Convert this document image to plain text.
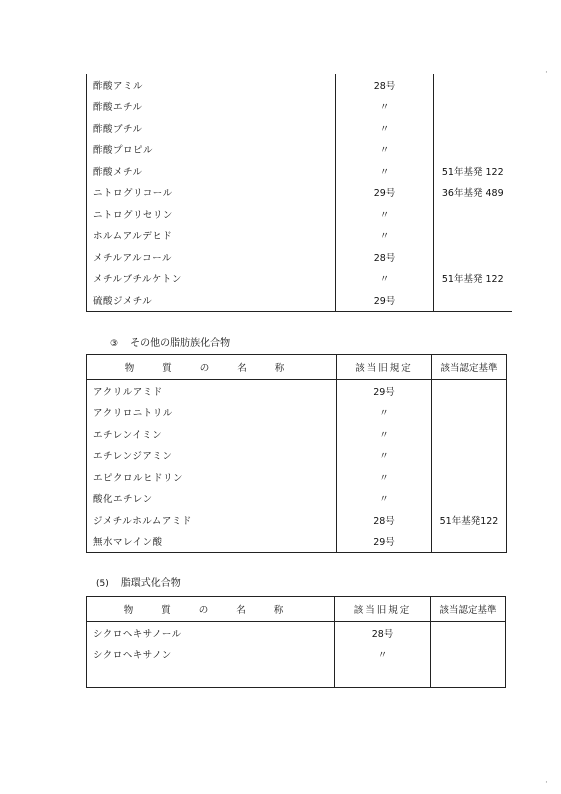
酢酸アミル	28号	
酢酸エチル	〃	
酢酸ブチル	〃	
酢酸プロピル	〃	
酢酸メチル	〃	51年基発 122
ニトログリコール	29号	36年基発 489
ニトログリセリン	〃	
ホルムアルデヒド	〃	
メチルアルコール	28号	
メチルブチルケトン	〃	51年基発 122
硫酸ジメチル	29号	
③ その他の脂肪族化合物
物質の名称	該当旧規定	該当認定基準
アクリルアミド	29号	
アクリロニトリル	〃	
エチレンイミン	〃	
エチレンジアミン	〃	
エピクロルヒドリン	〃	
酸化エチレン	〃	
ジメチルホルムアミド	28号	51年基発122
無水マレイン酸	29号	
(5) 脂環式化合物
物質の名称	該当旧規定	該当認定基準
シクロヘキサノール	28号	
シクロヘキサノン	〃	

·
·
